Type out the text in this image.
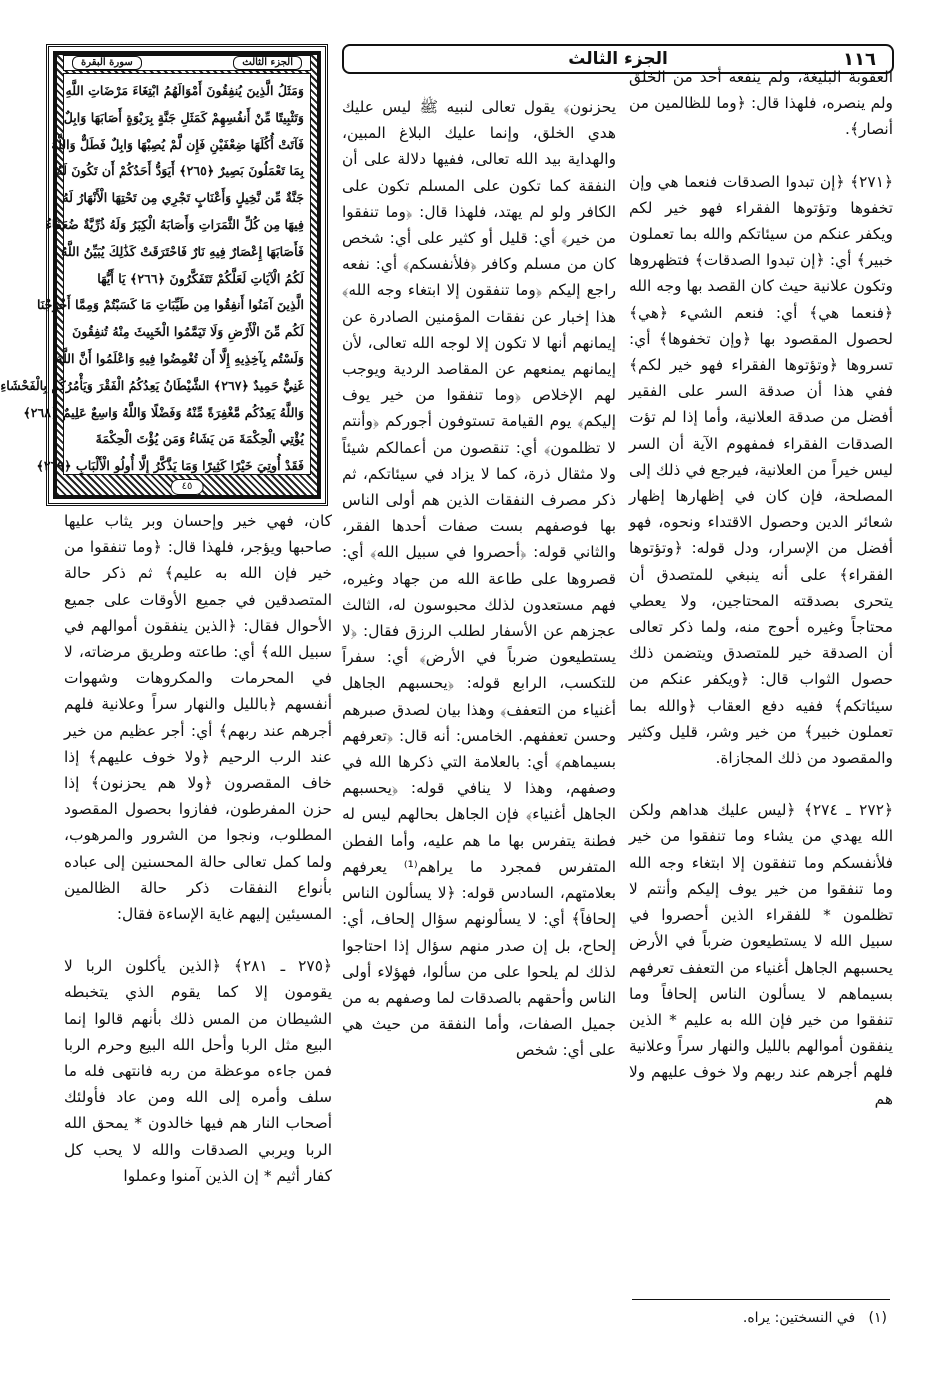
١١٦
الجزء الثالث
الجزء الثالث
سورة البقرة
وَمَثَلُ الَّذِينَ يُنفِقُونَ أَمْوَالَهُمُ ابْتِغَاءَ مَرْضَاتِ اللَّهِ
وَتَثْبِيتًا مِّنْ أَنفُسِهِمْ كَمَثَلِ جَنَّةٍ بِرَبْوَةٍ أَصَابَهَا وَابِلٌ
فَآتَتْ أُكُلَهَا ضِعْفَيْنِ فَإِن لَّمْ يُصِبْهَا وَابِلٌ فَطَلٌّ وَاللَّهُ
بِمَا تَعْمَلُونَ بَصِيرٌ ﴿٢٦٥﴾ أَيَوَدُّ أَحَدُكُمْ أَن تَكُونَ لَهُ
جَنَّةٌ مِّن نَّخِيلٍ وَأَعْنَابٍ تَجْرِي مِن تَحْتِهَا الْأَنْهَارُ لَهُ
فِيهَا مِن كُلِّ الثَّمَرَاتِ وَأَصَابَهُ الْكِبَرُ وَلَهُ ذُرِّيَّةٌ ضُعَفَاءُ
فَأَصَابَهَا إِعْصَارٌ فِيهِ نَارٌ فَاحْتَرَقَتْ كَذَٰلِكَ يُبَيِّنُ اللَّهُ
لَكُمُ الْآيَاتِ لَعَلَّكُمْ تَتَفَكَّرُونَ ﴿٢٦٦﴾ يَا أَيُّهَا
الَّذِينَ آمَنُوا أَنفِقُوا مِن طَيِّبَاتِ مَا كَسَبْتُمْ وَمِمَّا أَخْرَجْنَا
لَكُم مِّنَ الْأَرْضِ وَلَا تَيَمَّمُوا الْخَبِيثَ مِنْهُ تُنفِقُونَ
وَلَسْتُم بِآخِذِيهِ إِلَّا أَن تُغْمِضُوا فِيهِ وَاعْلَمُوا أَنَّ اللَّهَ
غَنِيٌّ حَمِيدٌ ﴿٢٦٧﴾ الشَّيْطَانُ يَعِدُكُمُ الْفَقْرَ وَيَأْمُرُكُم بِالْفَحْشَاءِ
وَاللَّهُ يَعِدُكُم مَّغْفِرَةً مِّنْهُ وَفَضْلًا وَاللَّهُ وَاسِعٌ عَلِيمٌ ﴿٢٦٨﴾
يُؤْتِي الْحِكْمَةَ مَن يَشَاءُ وَمَن يُؤْتَ الْحِكْمَةَ
فَقَدْ أُوتِيَ خَيْرًا كَثِيرًا وَمَا يَذَّكَّرُ إِلَّا أُولُو الْأَلْبَابِ ﴿٢٦٩﴾
٤٥

العقوبة البليغة، ولم ينفعه أحد من الخلق ولم ينصره، فلهذا قال: ﴿وما للظالمين من أنصار﴾.

﴿٢٧١﴾ ﴿إن تبدوا الصدقات فنعما هي وإن تخفوها وتؤتوها الفقراء فهو خير لكم ويكفر عنكم من سيئاتكم والله بما تعملون خبير﴾ أي: ﴿إن تبدوا الصدقات﴾ فتظهروها وتكون علانية حيث كان القصد بها وجه الله ﴿فنعما هي﴾ أي: فنعم الشيء ﴿هي﴾ لحصول المقصود بها ﴿وإن تخفوها﴾ أي: تسروها ﴿وتؤتوها الفقراء فهو خير لكم﴾ ففي هذا أن صدقة السر على الفقير أفضل من صدقة العلانية، وأما إذا لم تؤت الصدقات الفقراء فمفهوم الآية أن السر ليس خيراً من العلانية، فيرجع في ذلك إلى المصلحة، فإن كان في إظهارها إظهار شعائر الدين وحصول الاقتداء ونحوه، فهو أفضل من الإسرار، ودل قوله: ﴿وتؤتوها الفقراء﴾ على أنه ينبغي للمتصدق أن يتحرى بصدقته المحتاجين، ولا يعطي محتاجاً وغيره أحوج منه، ولما ذكر تعالى أن الصدقة خير للمتصدق ويتضمن ذلك حصول الثواب قال: ﴿ويكفر عنكم من سيئاتكم﴾ ففيه دفع العقاب ﴿والله بما تعملون خبير﴾ من خير وشر، قليل وكثير والمقصود من ذلك المجازاة.

﴿٢٧٢ ـ ٢٧٤﴾ ﴿ليس عليك هداهم ولكن الله يهدي من يشاء وما تنفقوا من خير فلأنفسكم وما تنفقون إلا ابتغاء وجه الله وما تنفقوا من خير يوف إليكم وأنتم لا تظلمون * للفقراء الذين أحصروا في سبيل الله لا يستطيعون ضرباً في الأرض يحسبهم الجاهل أغنياء من التعفف تعرفهم بسيماهم لا يسألون الناس إلحافاً وما تنفقوا من خير فإن الله به عليم * الذين ينفقون أموالهم بالليل والنهار سراً وعلانية فلهم أجرهم عند ربهم ولا خوف عليهم ولا هم

يحزنون﴾ يقول تعالى لنبيه ﷺ ليس عليك هدي الخلق، وإنما عليك البلاغ المبين، والهداية بيد الله تعالى، ففيها دلالة على أن النفقة كما تكون على المسلم تكون على الكافر ولو لم يهتد، فلهذا قال: ﴿وما تنفقوا من خير﴾ أي: قليل أو كثير على أي: شخص كان من مسلم وكافر ﴿فلأنفسكم﴾ أي: نفعه راجع إليكم ﴿وما تنفقون إلا ابتغاء وجه الله﴾ هذا إخبار عن نفقات المؤمنين الصادرة عن إيمانهم أنها لا تكون إلا لوجه الله تعالى، لأن إيمانهم يمنعهم عن المقاصد الردية ويوجب لهم الإخلاص ﴿وما تنفقوا من خير يوف إليكم﴾ يوم القيامة تستوفون أجوركم ﴿وأنتم لا تظلمون﴾ أي: تنقصون من أعمالكم شيئاً ولا مثقال ذرة، كما لا يزاد في سيئاتكم، ثم ذكر مصرف النفقات الذين هم أولى الناس بها فوصفهم بست صفات أحدها الفقر، والثاني قوله: ﴿أحصروا في سبيل الله﴾ أي: قصروها على طاعة الله من جهاد وغيره، فهم مستعدون لذلك محبوسون له، الثالث عجزهم عن الأسفار لطلب الرزق فقال: ﴿لا يستطيعون ضرباً في الأرض﴾ أي: سفراً للتكسب، الرابع قوله: ﴿يحسبهم الجاهل أغنياء من التعفف﴾ وهذا بيان لصدق صبرهم وحسن تعففهم. الخامس: أنه قال: ﴿تعرفهم بسيماهم﴾ أي: بالعلامة التي ذكرها الله في وصفهم، وهذا لا ينافي قوله: ﴿يحسبهم الجاهل أغنياء﴾ فإن الجاهل بحالهم ليس له فطنة يتفرس بها ما هم عليه، وأما الفطن المتفرس فمجرد ما يراهم⁽¹⁾ يعرفهم بعلامتهم، السادس قوله: ﴿لا يسألون الناس إلحافاً﴾ أي: لا يسألونهم سؤال إلحاف، أي: إلحاح، بل إن صدر منهم سؤال إذا احتاجوا لذلك لم يلحوا على من سألوا، فهؤلاء أولى الناس وأحقهم بالصدقات لما وصفهم به من جميل الصفات، وأما النفقة من حيث هي على أي: شخص

كان، فهي خير وإحسان وبر يثاب عليها صاحبها ويؤجر، فلهذا قال: ﴿وما تنفقوا من خير فإن الله به عليم﴾ ثم ذكر حالة المتصدقين في جميع الأوقات على جميع الأحوال فقال: ﴿الذين ينفقون أموالهم في سبيل الله﴾ أي: طاعته وطريق مرضاته، لا في المحرمات والمكروهات وشهوات أنفسهم ﴿بالليل والنهار سراً وعلانية فلهم أجرهم عند ربهم﴾ أي: أجر عظيم من خير عند الرب الرحيم ﴿ولا خوف عليهم﴾ إذا خاف المقصرون ﴿ولا هم يحزنون﴾ إذا حزن المفرطون، ففازوا بحصول المقصود المطلوب، ونجوا من الشرور والمرهوب، ولما كمل تعالى حالة المحسنين إلى عباده بأنواع النفقات ذكر حالة الظالمين المسيئين إليهم غاية الإساءة فقال:

﴿٢٧٥ ـ ٢٨١﴾ ﴿الذين يأكلون الربا لا يقومون إلا كما يقوم الذي يتخبطه الشيطان من المس ذلك بأنهم قالوا إنما البيع مثل الربا وأحل الله البيع وحرم الربا فمن جاءه موعظة من ربه فانتهى فله ما سلف وأمره إلى الله ومن عاد فأولئك أصحاب النار هم فيها خالدون * يمحق الله الربا ويربي الصدقات والله لا يحب كل كفار أثيم * إن الذين آمنوا وعملوا

(١)   في النسختين: يراه.
